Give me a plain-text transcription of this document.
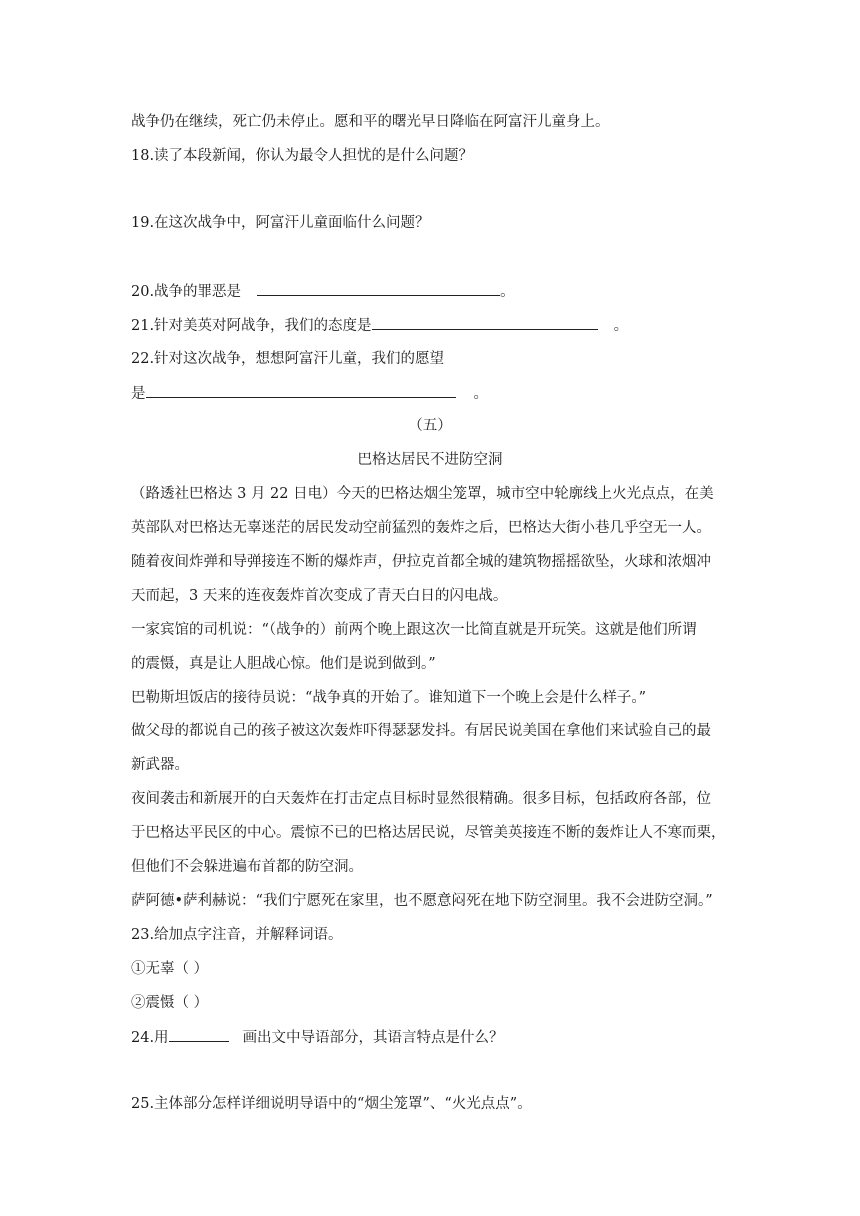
战争仍在继续，死亡仍未停止。愿和平的曙光早日降临在阿富汗儿童身上。
18.读了本段新闻，你认为最令人担忧的是什么问题？
19.在这次战争中，阿富汗儿童面临什么问题？
20.战争的罪恶是	。
21.针对美英对阿战争，我们的态度是	。
22.针对这次战争，想想阿富汗儿童，我们的愿望
是	。
（五）
巴格达居民不进防空洞
（路透社巴格达 3 月 22 日电）今天的巴格达烟尘笼罩，城市空中轮廓线上火光点点，在美
英部队对巴格达无辜迷茫的居民发动空前猛烈的轰炸之后，巴格达大街小巷几乎空无一人。
随着夜间炸弹和导弹接连不断的爆炸声，伊拉克首都全城的建筑物摇摇欲坠，火球和浓烟冲
天而起，3 天来的连夜轰炸首次变成了青天白日的闪电战。
一家宾馆的司机说：“（战争的）前两个晚上跟这次一比简直就是开玩笑。这就是他们所谓
的震慑，真是让人胆战心惊。他们是说到做到。”
巴勒斯坦饭店的接待员说：“战争真的开始了。谁知道下一个晚上会是什么样子。”
做父母的都说自己的孩子被这次轰炸吓得瑟瑟发抖。有居民说美国在拿他们来试验自己的最
新武器。
夜间袭击和新展开的白天轰炸在打击定点目标时显然很精确。很多目标，包括政府各部，位
于巴格达平民区的中心。震惊不已的巴格达居民说，尽管美英接连不断的轰炸让人不寒而栗，
但他们不会躲进遍布首都的防空洞。
萨阿德•萨利赫说：“我们宁愿死在家里，也不愿意闷死在地下防空洞里。我不会进防空洞。”
23.给加点字注音，并解释词语。
①无辜（ ）
②震慑（ ）
24.用	画出文中导语部分，其语言特点是什么？
25.主体部分怎样详细说明导语中的“烟尘笼罩”、“火光点点”。
